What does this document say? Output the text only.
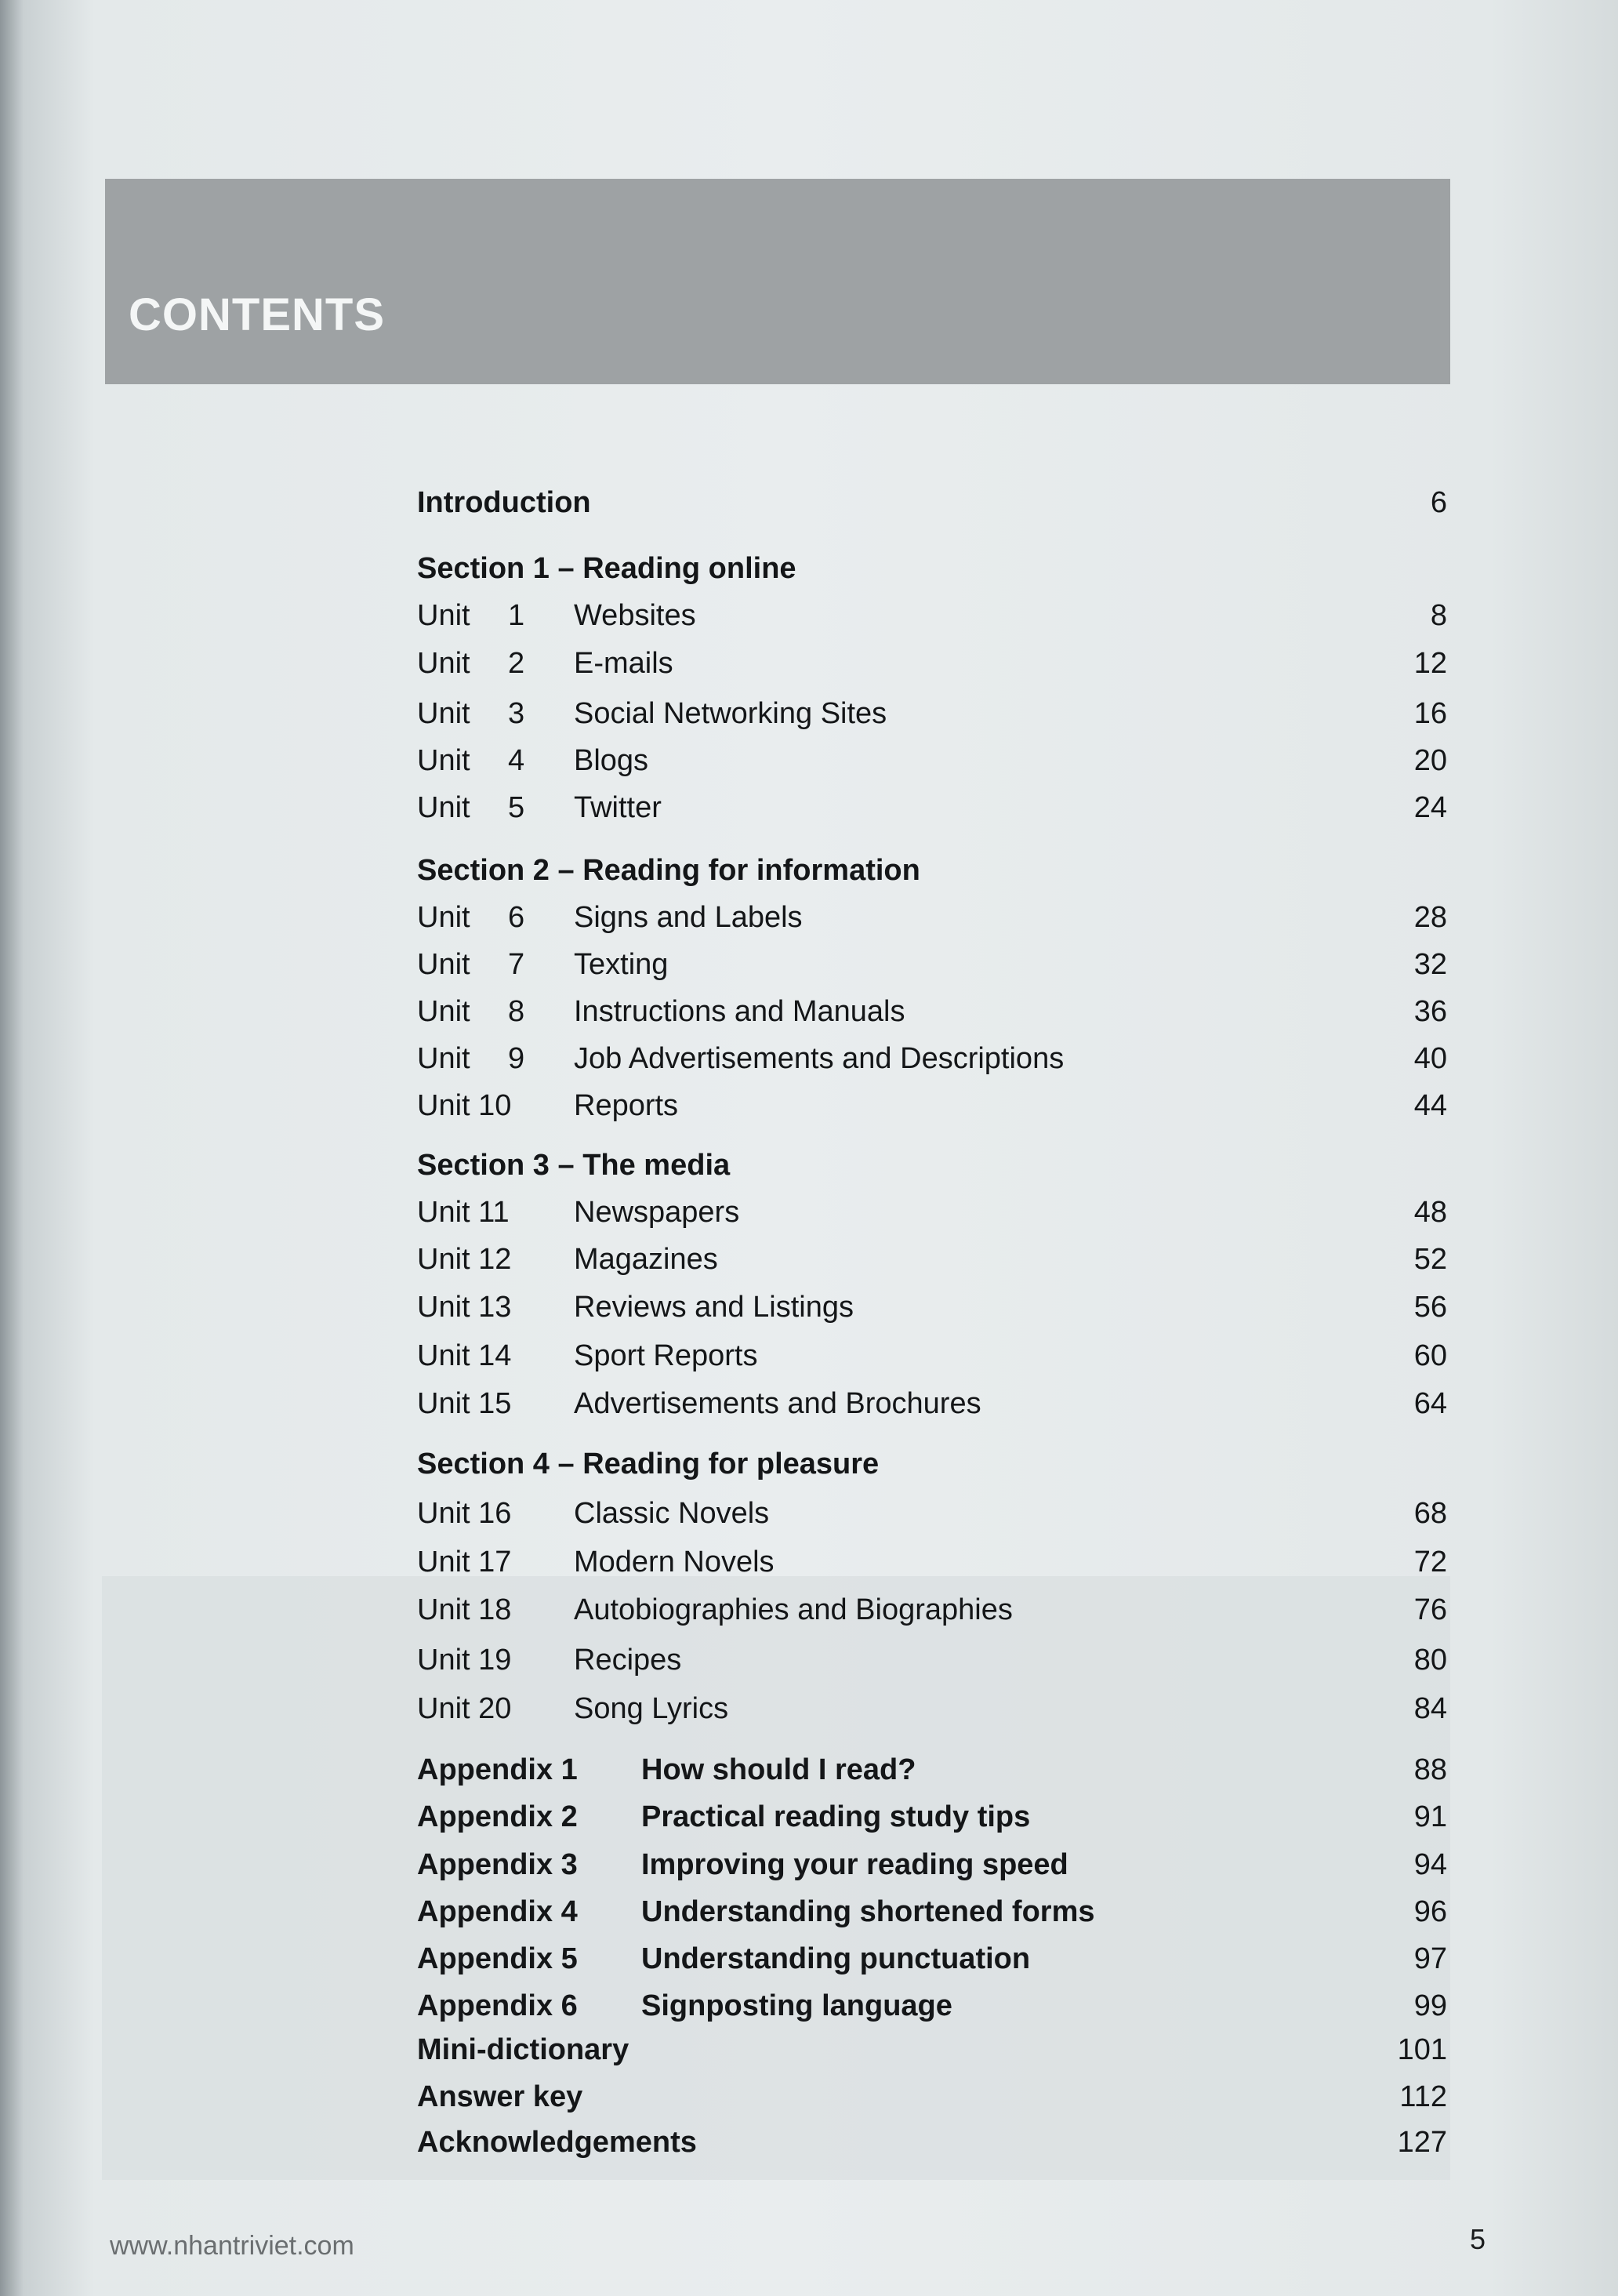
CONTENTS
Introduction	6
Section 1 – Reading online
Unit 1 Websites	8
Unit 2 E-mails	12
Unit 3 Social Networking Sites	16
Unit 4 Blogs	20
Unit 5 Twitter	24
Section 2 – Reading for information
Unit 6 Signs and Labels	28
Unit 7 Texting	32
Unit 8 Instructions and Manuals	36
Unit 9 Job Advertisements and Descriptions	40
Unit 10 Reports	44
Section 3 – The media
Unit 11 Newspapers	48
Unit 12 Magazines	52
Unit 13 Reviews and Listings	56
Unit 14 Sport Reports	60
Unit 15 Advertisements and Brochures	64
Section 4 – Reading for pleasure
Unit 16 Classic Novels	68
Unit 17 Modern Novels	72
Unit 18 Autobiographies and Biographies	76
Unit 19 Recipes	80
Unit 20 Song Lyrics	84
Appendix 1 How should I read?	88
Appendix 2 Practical reading study tips	91
Appendix 3 Improving your reading speed	94
Appendix 4 Understanding shortened forms	96
Appendix 5 Understanding punctuation	97
Appendix 6 Signposting language	99
Mini-dictionary	101
Answer key	112
Acknowledgements	127
www.nhantriviet.com	5
